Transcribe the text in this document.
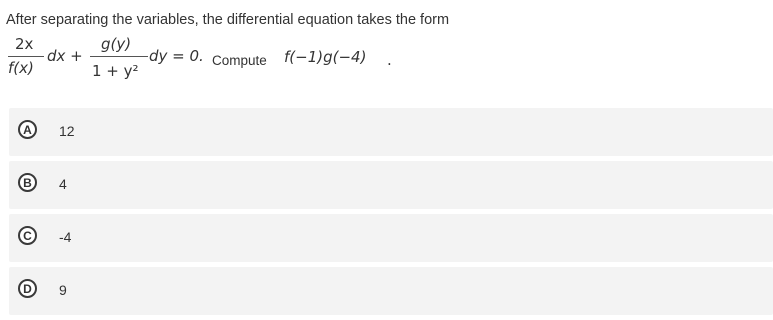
After separating the variables, the differential equation takes the form
2x
f(x)
dx +
g(y)
1 + y²
dy = 0. Compute f(−1)g(−4) .
A	12
B	4
C	-4
D	9
